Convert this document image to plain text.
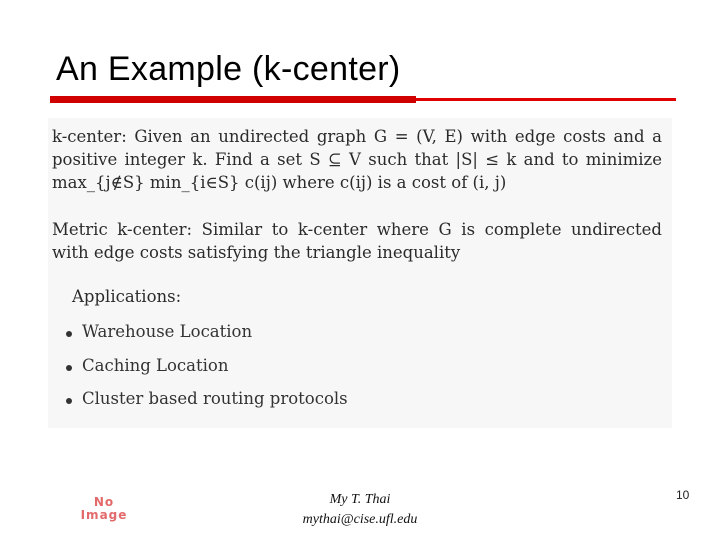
An Example (k-center)
k-center: Given an undirected graph G = (V, E) with edge costs and a positive integer k. Find a set S ⊆ V such that |S| ≤ k and to minimize max_{j∉S} min_{i∈S} c(ij) where c(ij) is a cost of (i, j)
Metric k-center: Similar to k-center where G is complete undirected with edge costs satisfying the triangle inequality
Applications:
Warehouse Location
Caching Location
Cluster based routing protocols
No
Image
My T. Thai
mythai@cise.ufl.edu
10
